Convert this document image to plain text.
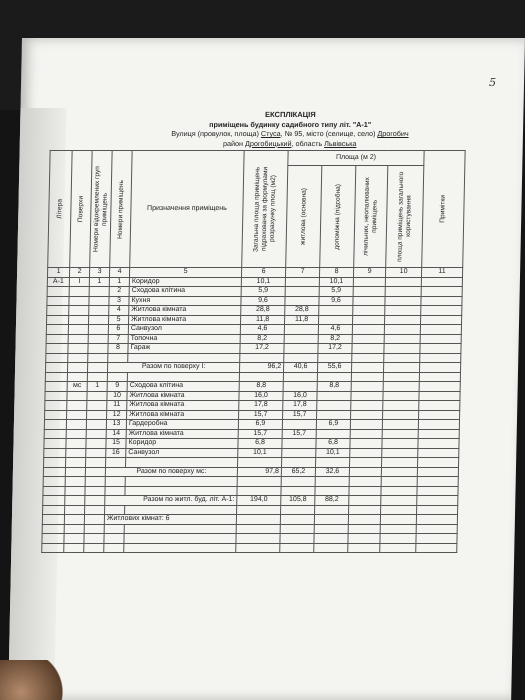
5
ЕКСПЛІКАЦІЯ
приміщень будинку садибного типу літ. "А-1"
Вулиця (провулок, площа) Стуса, № 95, місто (селище, село) Дрогобич
район Дрогобицький, область Львівська
Літера	Поверхи	Номери відокремлених груп приміщень	Номери приміщень	Призначення приміщень	Загальна площа приміщень підрахована за формулами розрахунку площ (м2)	Площа (м 2)				Примітки

						житлова (основна)	допоміжна (підсобна)	лічильних, неопалюваних приміщень	площа приміщень загального користування	

1	2	3	4	5	6	7	8	9	10	11
А-1	І	1	1	Коридор	10,1		10,1			
			2	Сходова клітина	5,9		5,9			
			3	Кухня	9,6		9,6			
			4	Житлова кімната	28,8	28,8				
			5	Житлова кімната	11,8	11,8				
			6	Санвузол	4,6		4,6			
			7	Топочна	8,2		8,2			
			8	Гараж	17,2		17,2			

			Разом по поверху І:		96,2	40,6	55,6			

	мс	1	9	Сходова клітина	8,8		8,8			
			10	Житлова кімната	16,0	16,0				
			11	Житлова кімната	17,8	17,8				
			12	Житлова кімната	15,7	15,7				
			13	Гардеробна	6,9		6,9			
			14	Житлова кімната	15,7	15,7				
			15	Коридор	6,8		6,8			
			16	Санвузол	10,1		10,1			

			Разом по поверху мс:		97,8	65,2	32,6			

			Разом по житл. буд. літ. А-1:		194,0	105,8	88,2			

			Житлових кімнат: 6							
